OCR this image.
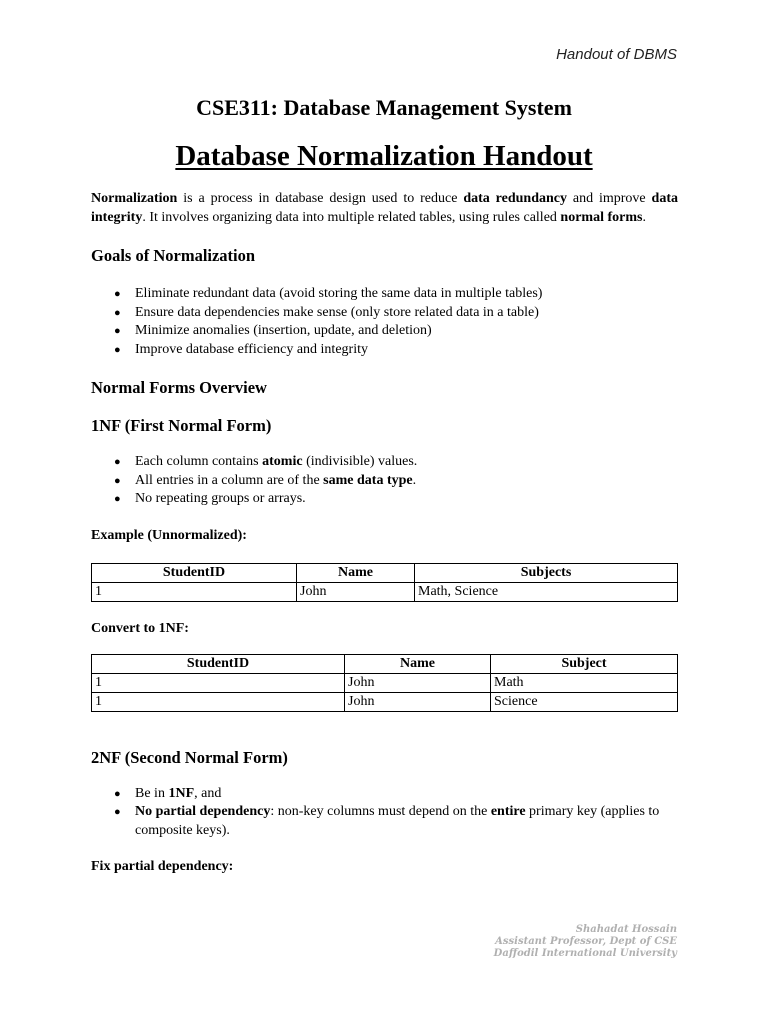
Handout of DBMS
CSE311: Database Management System
Database Normalization Handout

Normalization is a process in database design used to reduce data redundancy and improve data integrity. It involves organizing data into multiple related tables, using rules called normal forms.

Goals of Normalization
● Eliminate redundant data (avoid storing the same data in multiple tables)
● Ensure data dependencies make sense (only store related data in a table)
● Minimize anomalies (insertion, update, and deletion)
● Improve database efficiency and integrity
Normal Forms Overview
1NF (First Normal Form)
● Each column contains atomic (indivisible) values.
● All entries in a column are of the same data type.
● No repeating groups or arrays.
Example (Unnormalized):
StudentID	Name	Subjects
1	John	Math, Science
Convert to 1NF:
StudentID	Name	Subject
1	John	Math
1	John	Science
2NF (Second Normal Form)
● Be in 1NF, and
● No partial dependency: non-key columns must depend on the entire primary key (applies to composite keys).
Fix partial dependency:
Shahadat Hossain
Assistant Professor, Dept of CSE
Daffodil International University
